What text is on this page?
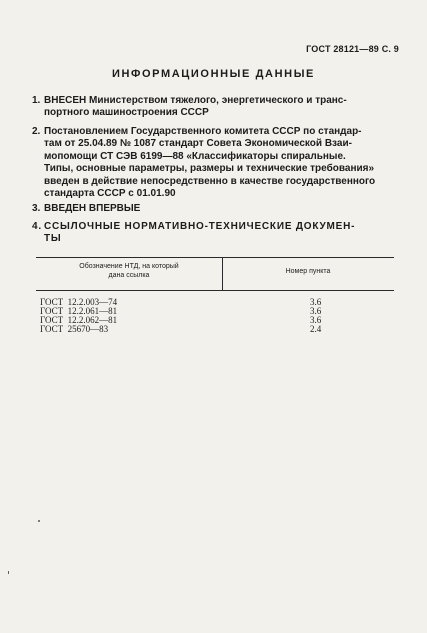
ГОСТ 28121—89 С. 9
ИНФОРМАЦИОННЫЕ ДАННЫЕ
1. ВНЕСЕН Министерством тяжелого, энергетического и транс-
портного машиностроения СССР
2. Постановлением Государственного комитета СССР по стандар-
там от 25.04.89 № 1087 стандарт Совета Экономической Взаи-
мопомощи СТ СЭВ 6199—88 «Классификаторы спиральные.
Типы, основные параметры, размеры и технические требования»
введен в действие непосредственно в качестве государственного
стандарта СССР с 01.01.90
3. ВВЕДЕН ВПЕРВЫЕ
4. ССЫЛОЧНЫЕ НОРМАТИВНО-ТЕХНИЧЕСКИЕ ДОКУМЕН-
ТЫ
Обозначение НТД, на который
дана ссылка	Номер пункта
ГОСТ  12.2.003—74	3.6
ГОСТ  12.2.061—81	3.6
ГОСТ  12.2.062—81	3.6
ГОСТ  25670—83	2.4
